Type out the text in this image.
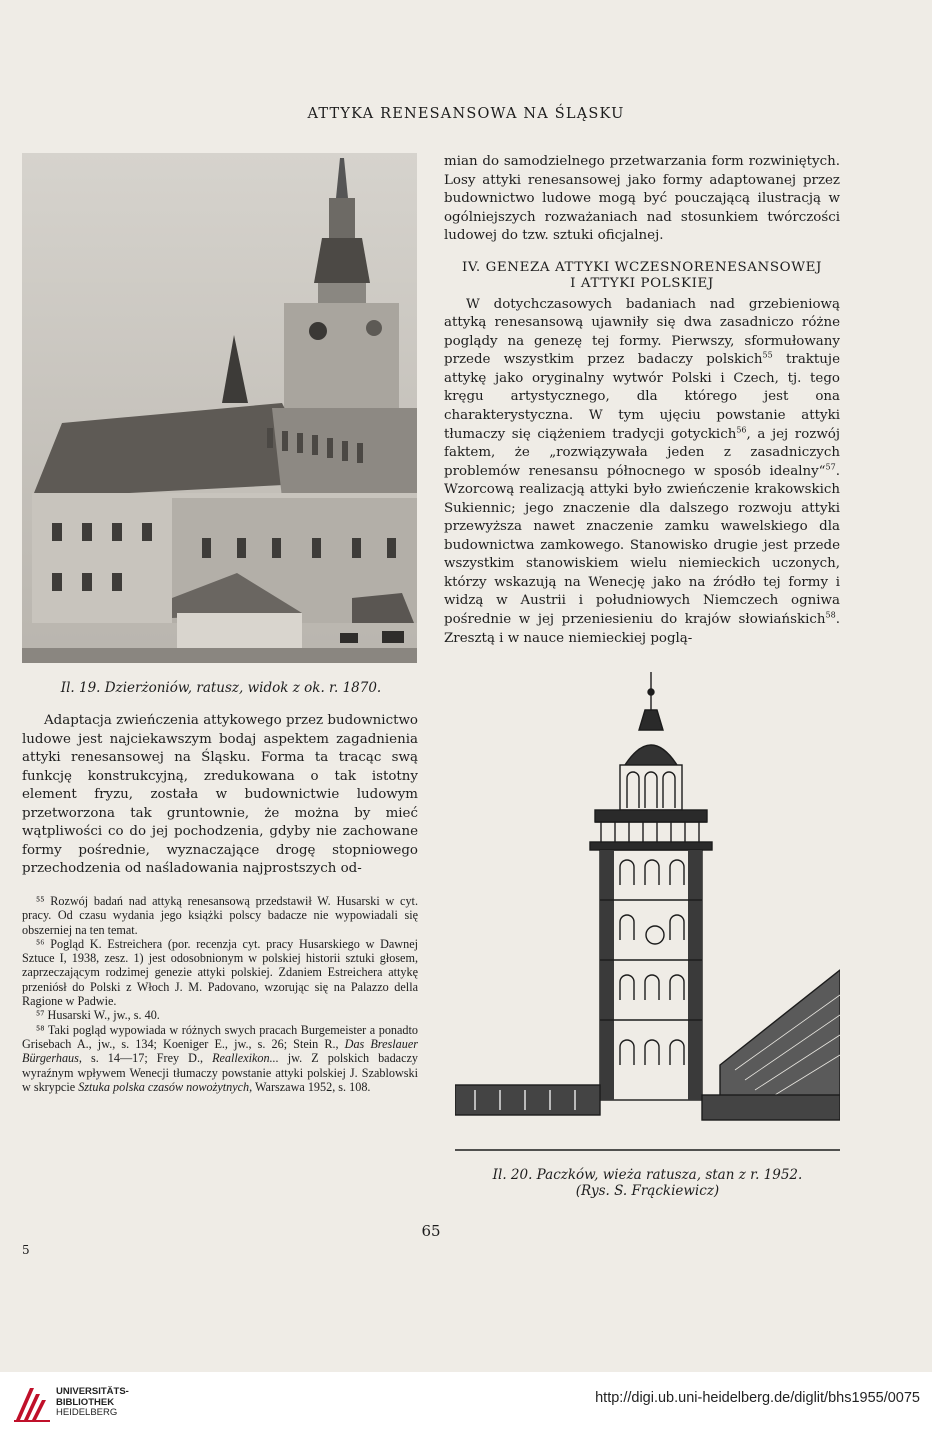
ATTYKA RENESANSOWA NA ŚLĄSKU
Il. 19. Dzierżoniów, ratusz, widok z ok. r. 1870.

Adaptacja zwieńczenia attykowego przez budownictwo ludowe jest najciekawszym bodaj aspektem zagadnienia attyki renesansowej na Śląsku. Forma ta tracąc swą funkcję konstrukcyjną, zredukowana o tak istotny element fryzu, została w budownictwie ludowym przetworzona tak gruntownie, że można by mieć wątpliwości co do jej pochodzenia, gdyby nie zachowane formy pośrednie, wyznaczające drogę stopniowego przechodzenia od naśladowania najprostszych od-

⁵⁵ Rozwój badań nad attyką renesansową przedstawił W. Husarski w cyt. pracy. Od czasu wydania jego książki polscy badacze nie wypowiadali się obszerniej na ten temat.

⁵⁶ Pogląd K. Estreichera (por. recenzja cyt. pracy Husarskiego w Dawnej Sztuce I, 1938, zesz. 1) jest odosobnionym w polskiej historii sztuki głosem, zaprzeczającym rodzimej genezie attyki polskiej. Zdaniem Estreichera attykę przeniósł do Polski z Włoch J. M. Padovano, wzorując się na Palazzo della Ragione w Padwie.

⁵⁷ Husarski W., jw., s. 40.

⁵⁸ Taki pogląd wypowiada w różnych swych pracach Burgemeister a ponadto Grisebach A., jw., s. 134; Koeniger E., jw., s. 26; Stein R., Das Breslauer Bürgerhaus, s. 14—17; Frey D., Reallexikon... jw. Z polskich badaczy wyraźnym wpływem Wenecji tłumaczy powstanie attyki polskiej J. Szablowski w skrypcie Sztuka polska czasów nowożytnych, Warszawa 1952, s. 108.

mian do samodzielnego przetwarzania form rozwiniętych. Losy attyki renesansowej jako formy adaptowanej przez budownictwo ludowe mogą być pouczającą ilustracją w ogólniejszych rozważaniach nad stosunkiem twórczości ludowej do tzw. sztuki oficjalnej.

IV. GENEZA ATTYKI WCZESNORENESANSOWEJ
I ATTYKI POLSKIEJ

W dotychczasowych badaniach nad grzebieniową attyką renesansową ujawniły się dwa zasadniczo różne poglądy na genezę tej formy. Pierwszy, sformułowany przede wszystkim przez badaczy polskich$^{55}$ traktuje attykę jako oryginalny wytwór Polski i Czech, tj. tego kręgu artystycznego, dla którego jest ona charakterystyczna. W tym ujęciu powstanie attyki tłumaczy się ciążeniem tradycji gotyckich$^{56}$, a jej rozwój faktem, że „rozwiązywała jeden z zasadniczych problemów renesansu północnego w sposób idealny“$^{57}$. Wzorcową realizacją attyki było zwieńczenie krakowskich Sukiennic; jego znaczenie dla dalszego rozwoju attyki przewyższa nawet znaczenie zamku wawelskiego dla budownictwa zamkowego. Stanowisko drugie jest przede wszystkim stanowiskiem wielu niemieckich uczonych, którzy wskazują na Wenecję jako na źródło tej formy i widzą w Austrii i południowych Niemczech ogniwa pośrednie w jej przeniesieniu do krajów słowiańskich$^{58}$. Zresztą i w nauce niemieckiej poglą-

Il. 20. Paczków, wieża ratusza, stan z r. 1952.
(Rys. S. Frąckiewicz)
65
5
UNIVERSITÄTS-
BIBLIOTHEK
HEIDELBERG
http://digi.ub.uni-heidelberg.de/diglit/bhs1955/0075
